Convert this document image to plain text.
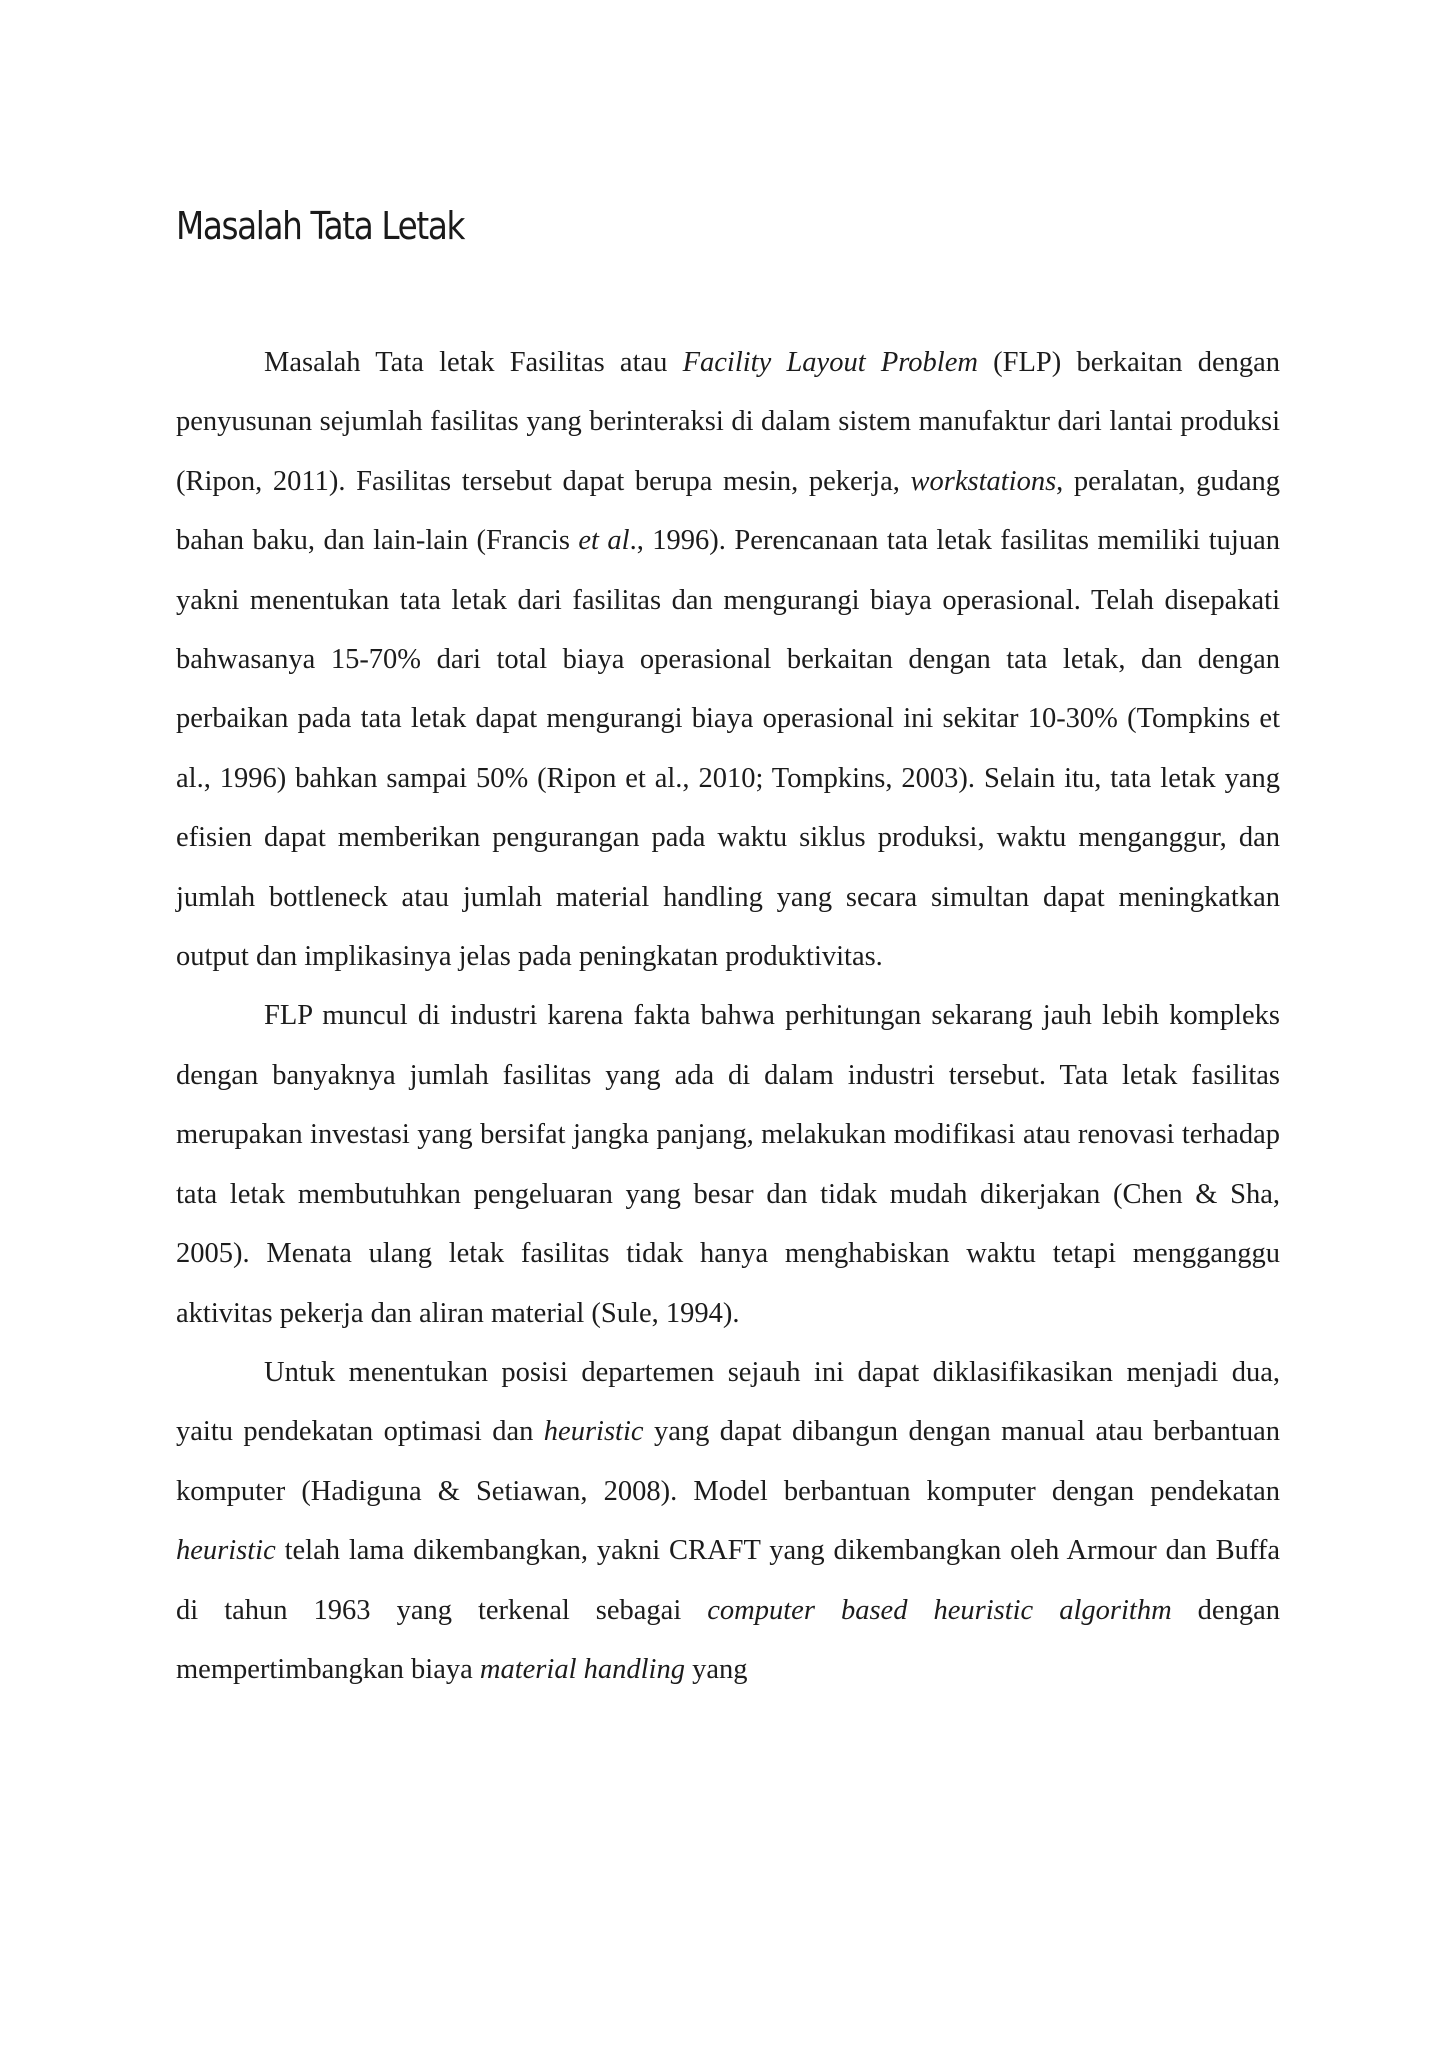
Masalah Tata Letak

Masalah Tata letak Fasilitas atau Facility Layout Problem (FLP) berkaitan dengan penyusunan sejumlah fasilitas yang berinteraksi di dalam sistem manufaktur dari lantai produksi (Ripon, 2011). Fasilitas tersebut dapat berupa mesin, pekerja, workstations, peralatan, gudang bahan baku, dan lain-lain (Francis et al., 1996). Perencanaan tata letak fasilitas memiliki tujuan yakni menentukan tata letak dari fasilitas dan mengurangi biaya operasional. Telah disepakati bahwasanya 15-70% dari total biaya operasional berkaitan dengan tata letak, dan dengan perbaikan pada tata letak dapat mengurangi biaya operasional ini sekitar 10-30% (Tompkins et al., 1996) bahkan sampai 50% (Ripon et al., 2010; Tompkins, 2003). Selain itu, tata letak yang efisien dapat memberikan pengurangan pada waktu siklus produksi, waktu menganggur, dan jumlah bottleneck atau jumlah material handling yang secara simultan dapat meningkatkan output dan implikasinya jelas pada peningkatan produktivitas.

FLP muncul di industri karena fakta bahwa perhitungan sekarang jauh lebih kompleks dengan banyaknya jumlah fasilitas yang ada di dalam industri tersebut. Tata letak fasilitas merupakan investasi yang bersifat jangka panjang, melakukan modifikasi atau renovasi terhadap tata letak membutuhkan pengeluaran yang besar dan tidak mudah dikerjakan (Chen & Sha, 2005). Menata ulang letak fasilitas tidak hanya menghabiskan waktu tetapi mengganggu aktivitas pekerja dan aliran material (Sule, 1994).

Untuk menentukan posisi departemen sejauh ini dapat diklasifikasikan menjadi dua, yaitu pendekatan optimasi dan heuristic yang dapat dibangun dengan manual atau berbantuan komputer (Hadiguna & Setiawan, 2008). Model berbantuan komputer dengan pendekatan heuristic telah lama dikembangkan, yakni CRAFT yang dikembangkan oleh Armour dan Buffa di tahun 1963 yang terkenal sebagai computer based heuristic algorithm dengan mempertimbangkan biaya material handling yang
